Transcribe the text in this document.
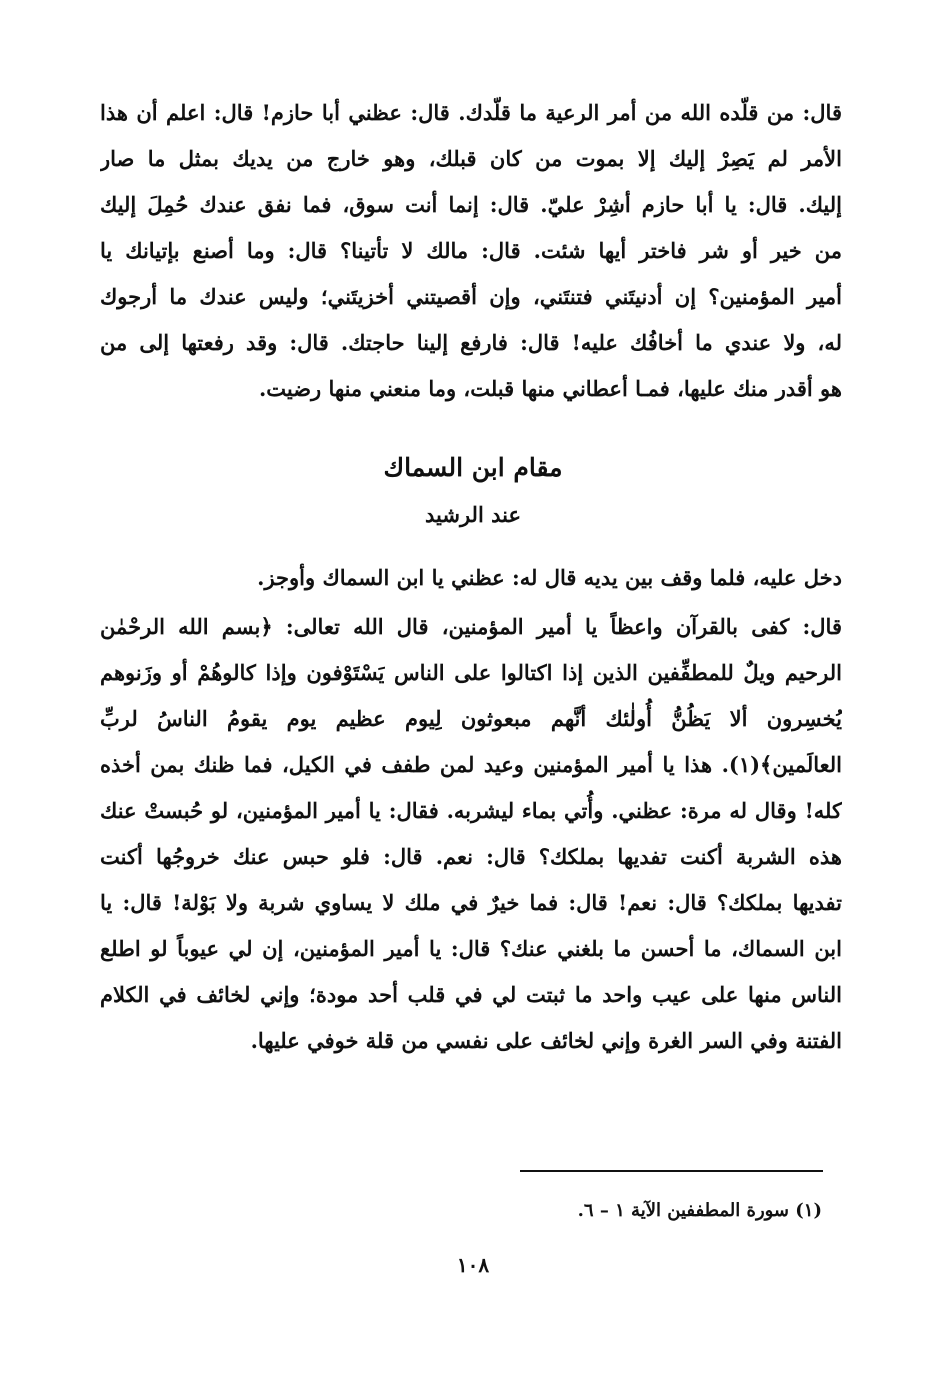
قال: من قلّده الله من أمر الرعية ما قلّدك. قال: عظني أبا حازم! قال: اعلم أن هذا
الأمر لم يَصِرْ إليك إلا بموت من كان قبلك، وهو خارج من يديك بمثل ما صار
إليك. قال: يا أبا حازم أشِرْ عليّ. قال: إنما أنت سوق، فما نفق عندك حُمِلَ إليك
من خير أو شر فاختر أيها شئت. قال: مالك لا تأتينا؟ قال: وما أصنع بإتيانك يا
أمير المؤمنين؟ إن أدنيتَني فتنتَني، وإن أقصيتني أخزيتَني؛ وليس عندك ما أرجوك
له، ولا عندي ما أخافُك عليه! قال: فارفع إلينا حاجتك. قال: وقد رفعتها إلى من
هو أقدر منك عليها، فمـا أعطاني منها قبلت، وما منعني منها رضيت.
مقام ابن السماك
عند الرشيد
دخل عليه، فلما وقف بين يديه قال له: عظني يا ابن السماك وأوجز.
قال: كفى بالقرآن واعظاً يا أمير المؤمنين، قال الله تعالى: ﴿بسم الله الرحْمٰن
الرحيم ويلٌ للمطفِّفين الذين إذا اكتالوا على الناس يَسْتَوْفون وإذا كالوهُمْ أو وزَنوهم
يُخسِرون ألا يَظُنُّ أُولٰئك أنَّهم مبعوثون لِيوم عظيم يوم يقومُ الناسُ لربِّ
العالَمين﴾(١). هذا يا أمير المؤمنين وعيد لمن طفف في الكيل، فما ظنك بمن أخذه
كله! وقال له مرة: عظني. وأُتي بماء ليشربه. فقال: يا أمير المؤمنين، لو حُبستْ عنك
هذه الشربة أكنت تفديها بملكك؟ قال: نعم. قال: فلو حبس عنك خروجُها أكنت
تفديها بملكك؟ قال: نعم! قال: فما خيرٌ في ملك لا يساوي شربة ولا بَوْلة! قال: يا
ابن السماك، ما أحسن ما بلغني عنك؟ قال: يا أمير المؤمنين، إن لي عيوباً لو اطلع
الناس منها على عيب واحد ما ثبتت لي في قلب أحد مودة؛ وإني لخائف في الكلام
الفتنة وفي السر الغرة وإني لخائف على نفسي من قلة خوفي عليها.
(١) سورة المطففين الآية ١ – ٦.
١٠٨
